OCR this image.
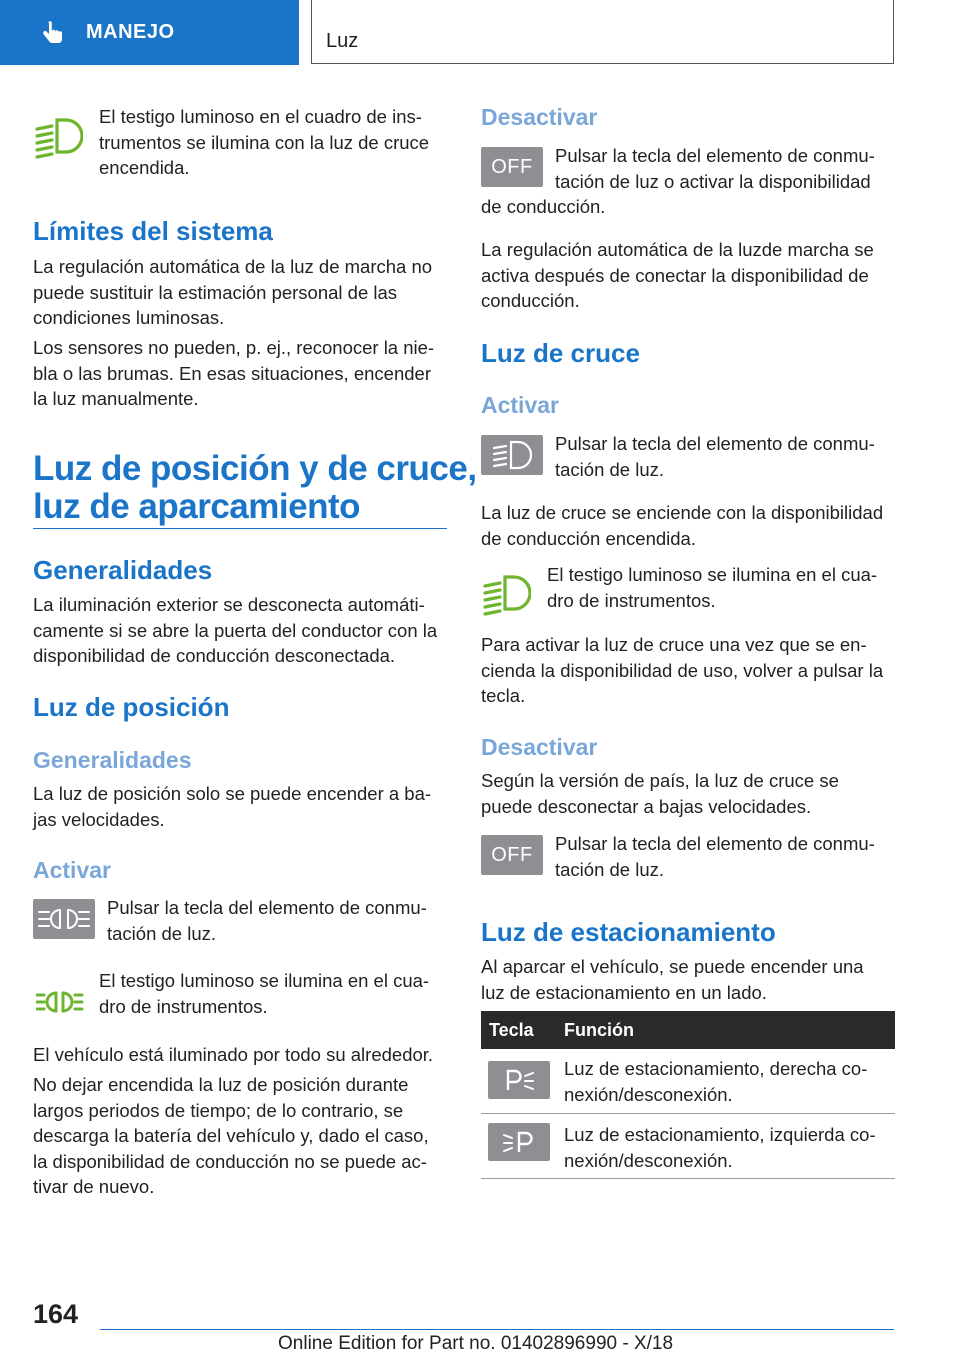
MANEJO	Luz

El testigo luminoso en el cuadro de ins-
trumentos se ilumina con la luz de cruce
encendida.

Límites del sistema

La regulación automática de la luz de marcha no
puede sustituir la estimación personal de las
condiciones luminosas.

Los sensores no pueden, p. ej., reconocer la nie-
bla o las brumas. En esas situaciones, encender
la luz manualmente.

Luz de posición y de cruce,
luz de aparcamiento
Generalidades

La iluminación exterior se desconecta automáti-
camente si se abre la puerta del conductor con la
disponibilidad de conducción desconectada.

Luz de posición
Generalidades

La luz de posición solo se puede encender a ba-
jas velocidades.

Activar

Pulsar la tecla del elemento de conmu-
tación de luz.

El testigo luminoso se ilumina en el cua-
dro de instrumentos.

El vehículo está iluminado por todo su alrededor.

No dejar encendida la luz de posición durante
largos periodos de tiempo; de lo contrario, se
descarga la batería del vehículo y, dado el caso,
la disponibilidad de conducción no se puede ac-
tivar de nuevo.

Desactivar
OFF Pulsar la tecla del elemento de conmu-
tación de luz o activar la disponibilidad

de conducción.

La regulación automática de la luzde marcha se
activa después de conectar la disponibilidad de
conducción.

Luz de cruce
Activar

Pulsar la tecla del elemento de conmu-
tación de luz.

La luz de cruce se enciende con la disponibilidad
de conducción encendida.

El testigo luminoso se ilumina en el cua-
dro de instrumentos.

Para activar la luz de cruce una vez que se en-
cienda la disponibilidad de uso, volver a pulsar la
tecla.

Desactivar

Según la versión de país, la luz de cruce se
puede desconectar a bajas velocidades.

OFF Pulsar la tecla del elemento de conmu-
tación de luz.

Luz de estacionamiento

Al aparcar el vehículo, se puede encender una
luz de estacionamiento en un lado.

Tecla Función

Luz de estacionamiento, derecha co-
nexión/desconexión.

Luz de estacionamiento, izquierda co-
nexión/desconexión.

164
Online Edition for Part no. 01402896990 - X/18
